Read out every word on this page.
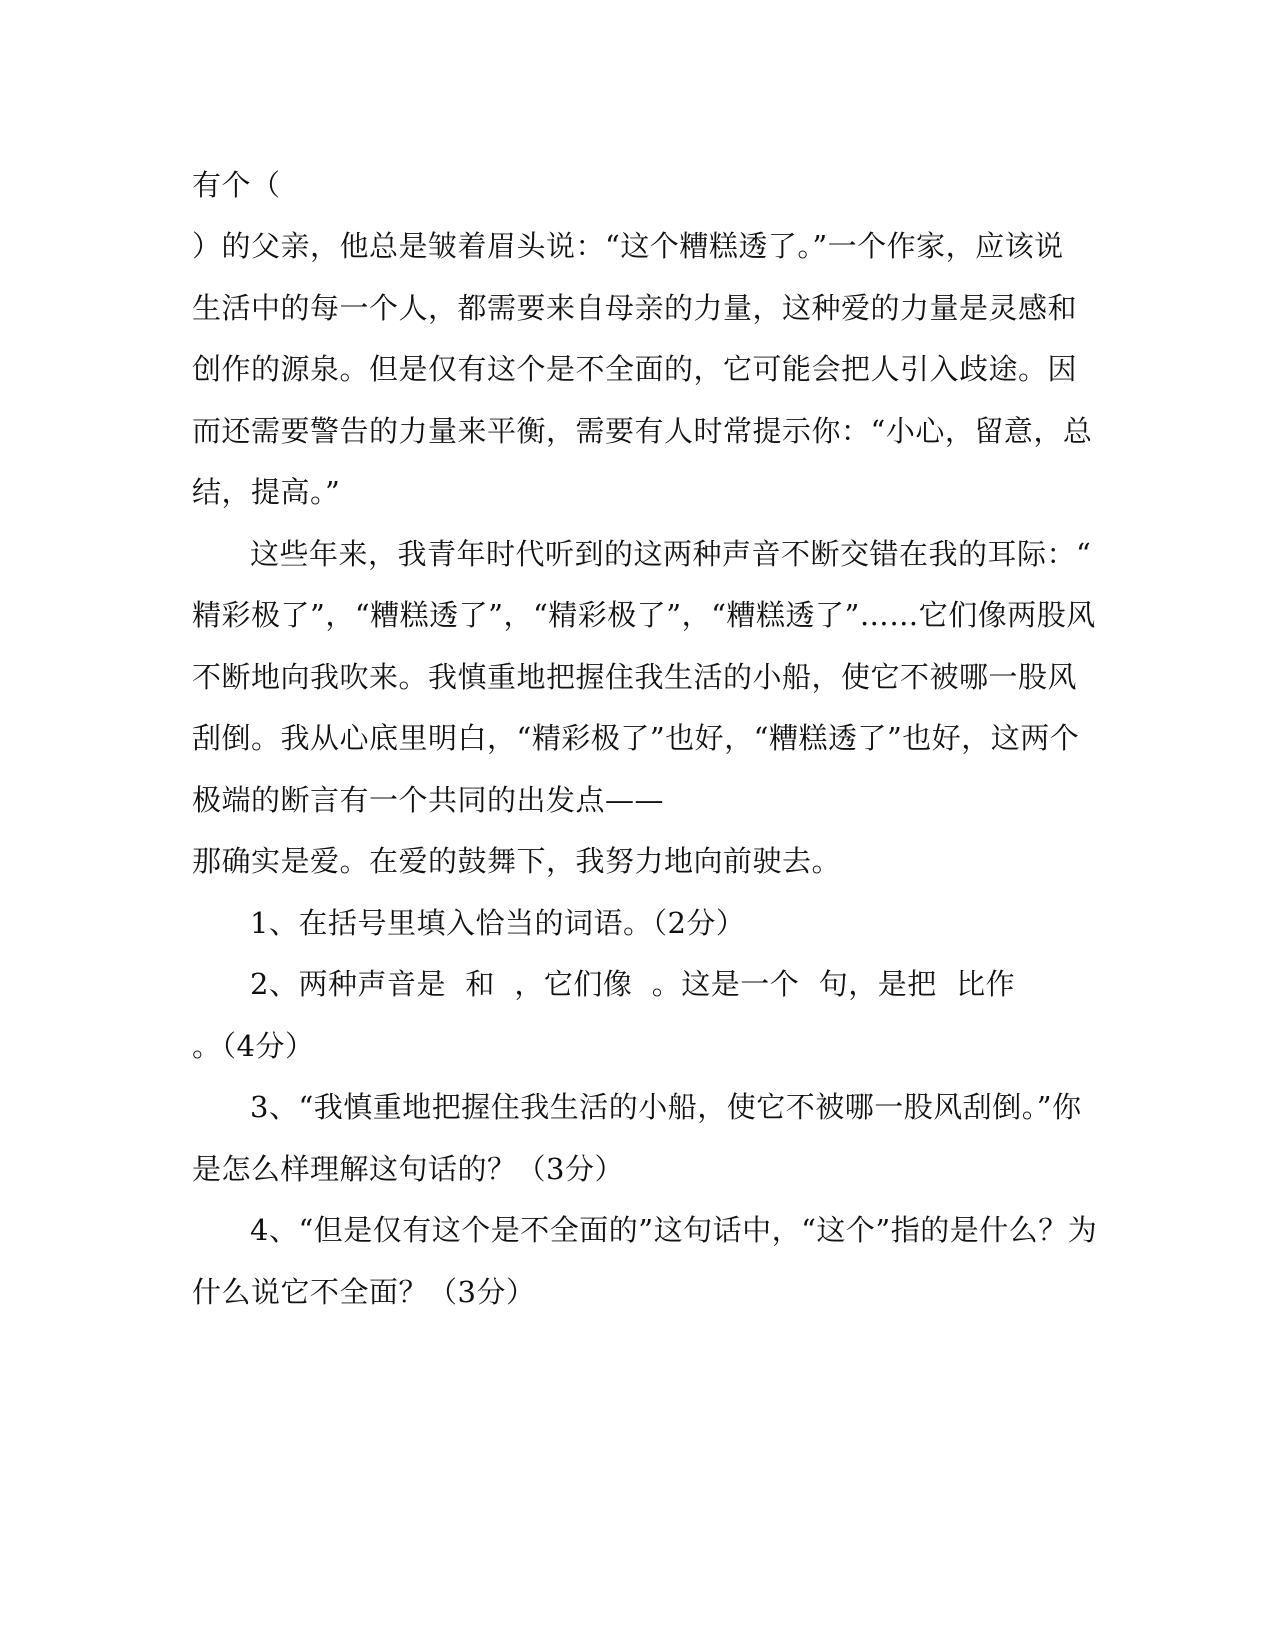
有个（
）的父亲，他总是皱着眉头说：“这个糟糕透了。”一个作家，应该说
生活中的每一个人，都需要来自母亲的力量，这种爱的力量是灵感和
创作的源泉。但是仅有这个是不全面的，它可能会把人引入歧途。因
而还需要警告的力量来平衡，需要有人时常提示你：“小心，留意，总
结，提高。”
这些年来，我青年时代听到的这两种声音不断交错在我的耳际：“
精彩极了”，“糟糕透了”，“精彩极了”，“糟糕透了”……它们像两股风
不断地向我吹来。我慎重地把握住我生活的小船，使它不被哪一股风
刮倒。我从心底里明白，“精彩极了”也好，“糟糕透了”也好，这两个
极端的断言有一个共同的出发点——
那确实是爱。在爱的鼓舞下，我努力地向前驶去。
1、在括号里填入恰当的词语。（2分）
2、两种声音是  和  ，它们像  。这是一个  句，是把  比作
。（4分）
3、“我慎重地把握住我生活的小船，使它不被哪一股风刮倒。”你
是怎么样理解这句话的？（3分）
4、“但是仅有这个是不全面的”这句话中，“这个”指的是什么？为
什么说它不全面？（3分）
